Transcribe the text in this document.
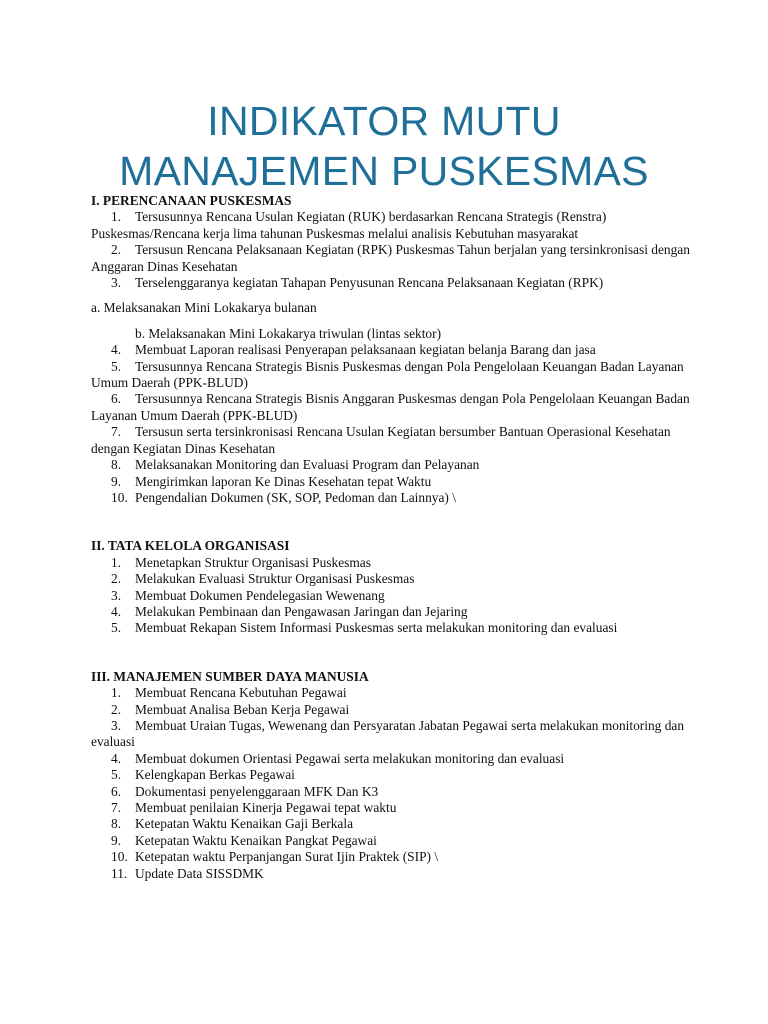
INDIKATOR MUTU
MANAJEMEN PUSKESMAS

I. PERENCANAAN PUSKESMAS

1. Tersusunnya Rencana Usulan Kegiatan (RUK) berdasarkan Rencana Strategis (Renstra) Puskesmas/Rencana kerja lima tahunan Puskesmas melalui analisis Kebutuhan masyarakat

2. Tersusun Rencana Pelaksanaan Kegiatan (RPK) Puskesmas Tahun berjalan yang tersinkronisasi dengan Anggaran Dinas Kesehatan

3. Terselenggaranya kegiatan Tahapan Penyusunan Rencana Pelaksanaan Kegiatan (RPK)

a. Melaksanakan Mini Lokakarya bulanan

b. Melaksanakan Mini Lokakarya triwulan (lintas sektor)

4. Membuat Laporan realisasi Penyerapan pelaksanaan kegiatan belanja Barang dan jasa

5. Tersusunnya Rencana Strategis Bisnis Puskesmas dengan Pola Pengelolaan Keuangan Badan Layanan Umum Daerah (PPK-BLUD)

6. Tersusunnya Rencana Strategis Bisnis Anggaran Puskesmas dengan Pola Pengelolaan Keuangan Badan Layanan Umum Daerah (PPK-BLUD)

7. Tersusun serta tersinkronisasi Rencana Usulan Kegiatan bersumber Bantuan Operasional Kesehatan dengan Kegiatan Dinas Kesehatan

8. Melaksanakan Monitoring dan Evaluasi Program dan Pelayanan

9. Mengirimkan laporan Ke Dinas Kesehatan tepat Waktu

10. Pengendalian Dokumen (SK, SOP, Pedoman dan Lainnya) \

II. TATA KELOLA ORGANISASI

1. Menetapkan Struktur Organisasi Puskesmas

2. Melakukan Evaluasi Struktur Organisasi Puskesmas

3. Membuat Dokumen Pendelegasian Wewenang

4. Melakukan Pembinaan dan Pengawasan Jaringan dan Jejaring

5. Membuat Rekapan Sistem Informasi Puskesmas serta melakukan monitoring dan evaluasi

III. MANAJEMEN SUMBER DAYA MANUSIA

1. Membuat Rencana Kebutuhan Pegawai

2. Membuat Analisa Beban Kerja Pegawai

3. Membuat Uraian Tugas, Wewenang dan Persyaratan Jabatan Pegawai serta melakukan monitoring dan evaluasi

4. Membuat dokumen Orientasi Pegawai serta melakukan monitoring dan evaluasi

5. Kelengkapan Berkas Pegawai

6. Dokumentasi penyelenggaraan MFK Dan K3

7. Membuat penilaian Kinerja Pegawai tepat waktu

8. Ketepatan Waktu Kenaikan Gaji Berkala

9. Ketepatan Waktu Kenaikan Pangkat Pegawai

10. Ketepatan waktu Perpanjangan Surat Ijin Praktek (SIP) \

11. Update Data SISSDMK
